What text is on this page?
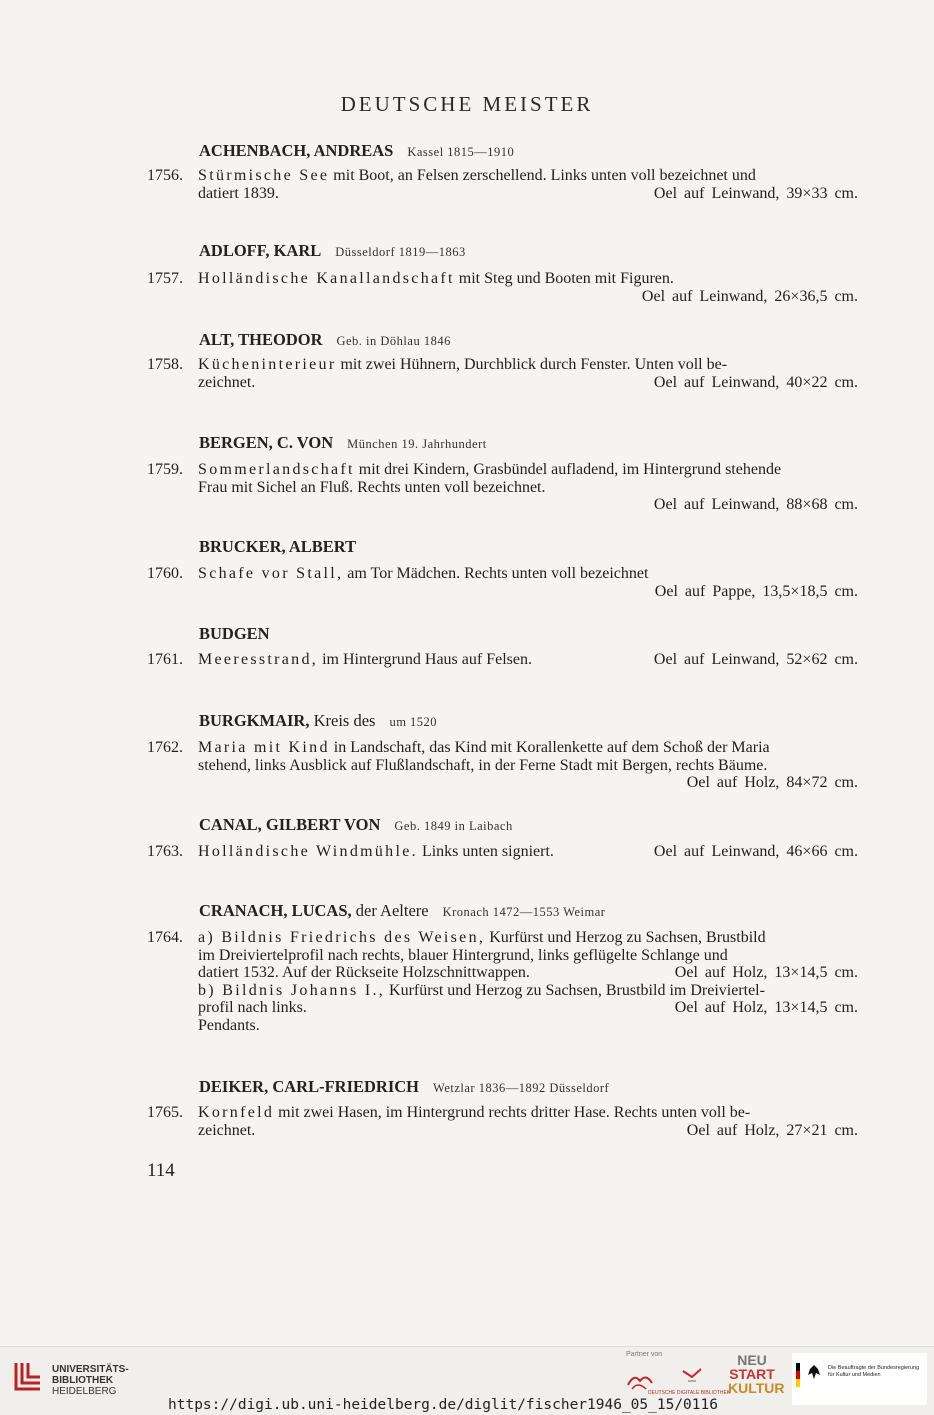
DEUTSCHE MEISTER
ACHENBACH, ANDREAS Kassel 1815—1910
1756. Stürmische See mit Boot, an Felsen zerschellend. Links unten voll bezeichnet und
datiert 1839.	Oel auf Leinwand, 39×33 cm.
ADLOFF, KARL Düsseldorf 1819—1863
1757. Holländische Kanallandschaft mit Steg und Booten mit Figuren.
Oel auf Leinwand, 26×36,5 cm.
ALT, THEODOR Geb. in Döhlau 1846
1758. Kücheninterieur mit zwei Hühnern, Durchblick durch Fenster. Unten voll be-
zeichnet.	Oel auf Leinwand, 40×22 cm.
BERGEN, C. VON München 19. Jahrhundert
1759. Sommerlandschaft mit drei Kindern, Grasbündel aufladend, im Hintergrund stehende
Frau mit Sichel an Fluß. Rechts unten voll bezeichnet.
Oel auf Leinwand, 88×68 cm.
BRUCKER, ALBERT
1760. Schafe vor Stall, am Tor Mädchen. Rechts unten voll bezeichnet
Oel auf Pappe, 13,5×18,5 cm.
BUDGEN
1761. Meeresstrand, im Hintergrund Haus auf Felsen.	Oel auf Leinwand, 52×62 cm.
BURGKMAIR, Kreis des um 1520
1762. Maria mit Kind in Landschaft, das Kind mit Korallenkette auf dem Schoß der Maria
stehend, links Ausblick auf Flußlandschaft, in der Ferne Stadt mit Bergen, rechts Bäume.
Oel auf Holz, 84×72 cm.
CANAL, GILBERT VON Geb. 1849 in Laibach
1763. Holländische Windmühle. Links unten signiert.	Oel auf Leinwand, 46×66 cm.
CRANACH, LUCAS, der Aeltere Kronach 1472—1553 Weimar
1764. a) Bildnis Friedrichs des Weisen, Kurfürst und Herzog zu Sachsen, Brustbild
im Dreiviertelprofil nach rechts, blauer Hintergrund, links geflügelte Schlange und
datiert 1532. Auf der Rückseite Holzschnittwappen.	Oel auf Holz, 13×14,5 cm.
b) Bildnis Johanns I., Kurfürst und Herzog zu Sachsen, Brustbild im Dreiviertel-
profil nach links.	Oel auf Holz, 13×14,5 cm.
Pendants.
DEIKER, CARL-FRIEDRICH Wetzlar 1836—1892 Düsseldorf
1765. Kornfeld mit zwei Hasen, im Hintergrund rechts dritter Hase. Rechts unten voll be-
zeichnet.	Oel auf Holz, 27×21 cm.
114
UNIVERSITÄTS-
BIBLIOTHEK
HEIDELBERG
https://digi.ub.uni-heidelberg.de/diglit/fischer1946_05_15/0116
Partner von
DEUTSCHE DIGITALE BIBLIOTHEK
NEU
START
KULTUR
Die Beauftragte der Bundesregierung für Kultur und Medien
